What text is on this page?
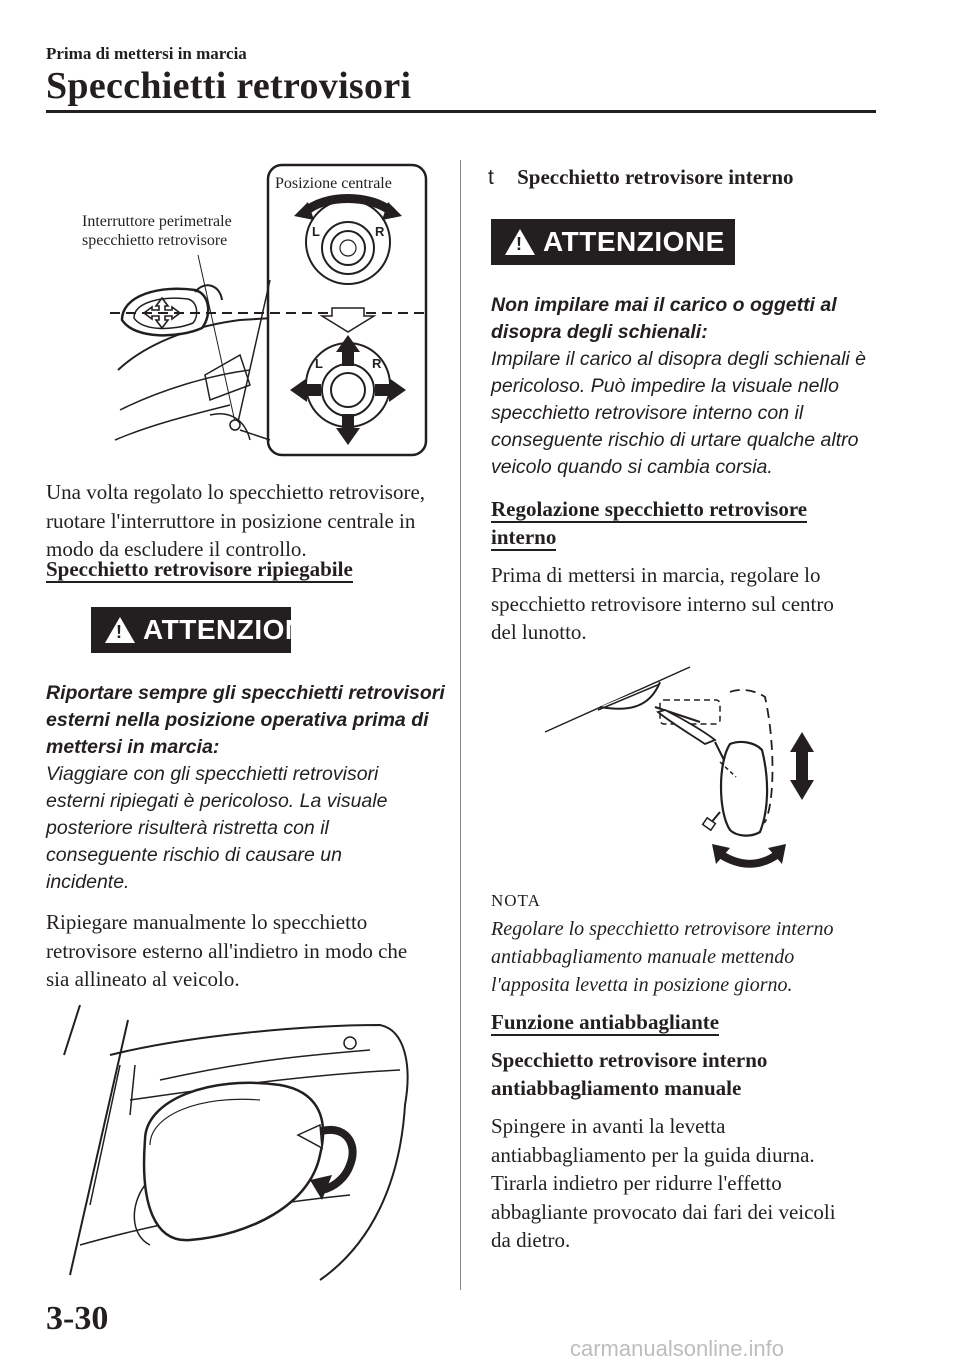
Prima di mettersi in marcia
Specchietti retrovisori
L	R
L	R
Posizione centrale
Interruttore perimetrale
specchietto retrovisore
Una volta regolato lo specchietto retrovisore,
ruotare l'interruttore in posizione centrale in
modo da escludere il controllo.
Specchietto retrovisore ripiegabile
! ATTENZIONE
Riportare sempre gli specchietti retrovisori
esterni nella posizione operativa prima di
mettersi in marcia:
Viaggiare con gli specchietti retrovisori
esterni ripiegati è pericoloso. La visuale
posteriore risulterà ristretta con il
conseguente rischio di causare un
incidente.
Ripiegare manualmente lo specchietto
retrovisore esterno all'indietro in modo che
sia allineato al veicolo.
t Specchietto retrovisore interno
! ATTENZIONE
Non impilare mai il carico o oggetti al
disopra degli schienali:
Impilare il carico al disopra degli schienali è
pericoloso. Può impedire la visuale nello
specchietto retrovisore interno con il
conseguente rischio di urtare qualche altro
veicolo quando si cambia corsia.
Regolazione specchietto retrovisore
interno
Prima di mettersi in marcia, regolare lo
specchietto retrovisore interno sul centro
del lunotto.
NOTA
Regolare lo specchietto retrovisore interno
antiabbagliamento manuale mettendo
l'apposita levetta in posizione giorno.
Funzione antiabbagliante
Specchietto retrovisore interno
antiabbagliamento manuale
Spingere in avanti la levetta
antiabbagliamento per la guida diurna.
Tirarla indietro per ridurre l'effetto
abbagliante provocato dai fari dei veicoli
da dietro.
3-30
carmanualsonline.info
